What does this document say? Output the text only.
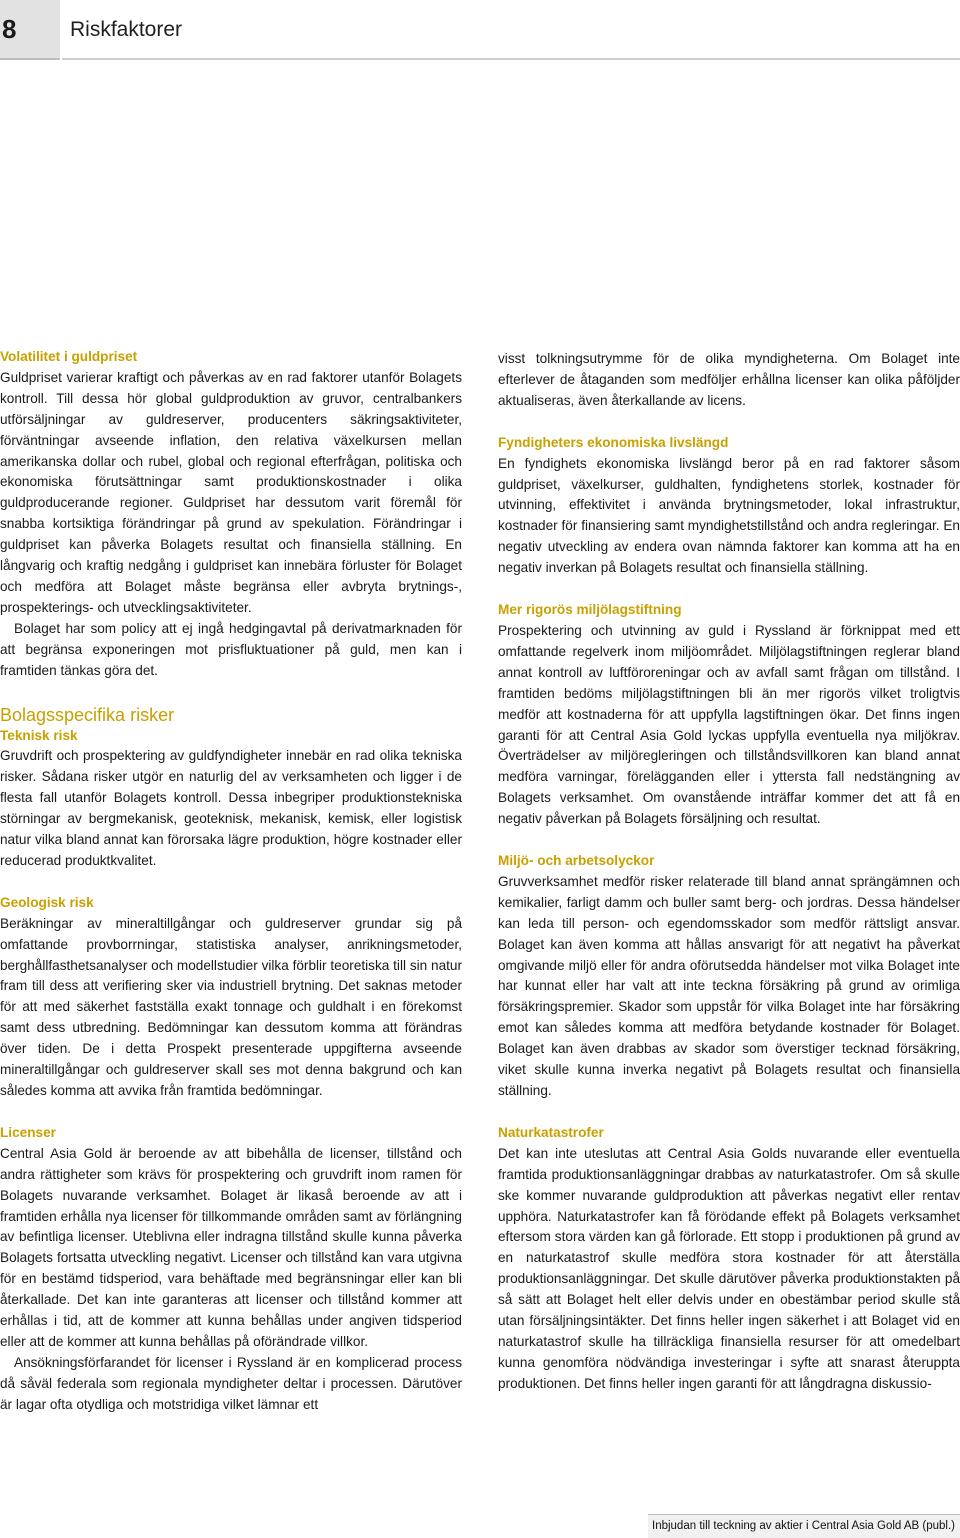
8	Riskfaktorer
Volatilitet i guldpriset

Guldpriset varierar kraftigt och påverkas av en rad faktorer utanför Bolagets kontroll. Till dessa hör global guldproduktion av gruvor, centralbankers utförsäljningar av guldreserver, producenters säkringsaktiviteter, förväntningar avseende inflation, den relativa växelkursen mellan amerikanska dollar och rubel, global och regional efterfrågan, politiska och ekonomiska förutsättningar samt produktionskostnader i olika guldproducerande regioner. Guldpriset har dessutom varit föremål för snabba kortsiktiga förändringar på grund av spekulation. Förändringar i guldpriset kan påverka Bolagets resultat och finansiella ställning. En långvarig och kraftig nedgång i guldpriset kan innebära förluster för Bolaget och medföra att Bolaget måste begränsa eller avbryta brytnings-, prospekterings- och utvecklingsaktiviteter.

Bolaget har som policy att ej ingå hedgingavtal på derivatmarknaden för att begränsa exponeringen mot prisfluktuationer på guld, men kan i framtiden tänkas göra det.

Bolagsspecifika risker
Teknisk risk

Gruvdrift och prospektering av guldfyndigheter innebär en rad olika tekniska risker. Sådana risker utgör en naturlig del av verksamheten och ligger i de flesta fall utanför Bolagets kontroll. Dessa inbegriper produktionstekniska störningar av bergmekanisk, geoteknisk, mekanisk, kemisk, eller logistisk natur vilka bland annat kan förorsaka lägre produktion, högre kostnader eller reducerad produktkvalitet.

Geologisk risk

Beräkningar av mineraltillgångar och guldreserver grundar sig på omfattande provborrningar, statistiska analyser, anrikningsmetoder, berghållfasthetsanalyser och modellstudier vilka förblir teoretiska till sin natur fram till dess att verifiering sker via industriell brytning. Det saknas metoder för att med säkerhet fastställa exakt tonnage och guldhalt i en förekomst samt dess utbredning. Bedömningar kan dessutom komma att förändras över tiden. De i detta Prospekt presenterade uppgifterna avseende mineraltillgångar och guldreserver skall ses mot denna bakgrund och kan således komma att avvika från framtida bedömningar.

Licenser

Central Asia Gold är beroende av att bibehålla de licenser, tillstånd och andra rättigheter som krävs för prospektering och gruvdrift inom ramen för Bolagets nuvarande verksamhet. Bolaget är likaså beroende av att i framtiden erhålla nya licenser för tillkommande områden samt av förlängning av befintliga licenser. Uteblivna eller indragna tillstånd skulle kunna påverka Bolagets fortsatta utveckling negativt. Licenser och tillstånd kan vara utgivna för en bestämd tidsperiod, vara behäftade med begränsningar eller kan bli återkallade. Det kan inte garanteras att licenser och tillstånd kommer att erhållas i tid, att de kommer att kunna behållas under angiven tidsperiod eller att de kommer att kunna behållas på oförändrade villkor.

Ansökningsförfarandet för licenser i Ryssland är en komplicerad process då såväl federala som regionala myndigheter deltar i processen. Därutöver är lagar ofta otydliga och motstridiga vilket lämnar ett

visst tolkningsutrymme för de olika myndigheterna. Om Bolaget inte efterlever de åtaganden som medföljer erhållna licenser kan olika påföljder aktualiseras, även återkallande av licens.

Fyndigheters ekonomiska livslängd

En fyndighets ekonomiska livslängd beror på en rad faktorer såsom guldpriset, växelkurser, guldhalten, fyndighetens storlek, kostnader för utvinning, effektivitet i använda brytningsmetoder, lokal infrastruktur, kostnader för finansiering samt myndighetstillstånd och andra regleringar. En negativ utveckling av endera ovan nämnda faktorer kan komma att ha en negativ inverkan på Bolagets resultat och finansiella ställning.

Mer rigorös miljölagstiftning

Prospektering och utvinning av guld i Ryssland är förknippat med ett omfattande regelverk inom miljöområdet. Miljölagstiftningen reglerar bland annat kontroll av luftföroreningar och av avfall samt frågan om tillstånd. I framtiden bedöms miljölagstiftningen bli än mer rigorös vilket troligtvis medför att kostnaderna för att uppfylla lagstiftningen ökar. Det finns ingen garanti för att Central Asia Gold lyckas uppfylla eventuella nya miljökrav. Överträdelser av miljöregleringen och tillståndsvillkoren kan bland annat medföra varningar, förelägganden eller i yttersta fall nedstängning av Bolagets verksamhet. Om ovanstående inträffar kommer det att få en negativ påverkan på Bolagets försäljning och resultat.

Miljö- och arbetsolyckor

Gruvverksamhet medför risker relaterade till bland annat sprängämnen och kemikalier, farligt damm och buller samt berg- och jordras. Dessa händelser kan leda till person- och egendomsskador som medför rättsligt ansvar. Bolaget kan även komma att hållas ansvarigt för att negativt ha påverkat omgivande miljö eller för andra oförutsedda händelser mot vilka Bolaget inte har kunnat eller har valt att inte teckna försäkring på grund av orimliga försäkringspremier. Skador som uppstår för vilka Bolaget inte har försäkring emot kan således komma att medföra betydande kostnader för Bolaget. Bolaget kan även drabbas av skador som överstiger tecknad försäkring, viket skulle kunna inverka negativt på Bolagets resultat och finansiella ställning.

Naturkatastrofer

Det kan inte uteslutas att Central Asia Golds nuvarande eller eventuella framtida produktionsanläggningar drabbas av naturkatastrofer. Om så skulle ske kommer nuvarande guldproduktion att påverkas negativt eller rentav upphöra. Naturkatastrofer kan få förödande effekt på Bolagets verksamhet eftersom stora värden kan gå förlorade. Ett stopp i produktionen på grund av en naturkatastrof skulle medföra stora kostnader för att återställa produktionsanläggningar. Det skulle därutöver påverka produktionstakten på så sätt att Bolaget helt eller delvis under en obestämbar period skulle stå utan försäljningsintäkter. Det finns heller ingen säkerhet i att Bolaget vid en naturkatastrof skulle ha tillräckliga finansiella resurser för att omedelbart kunna genomföra nödvändiga investeringar i syfte att snarast återuppta produktionen. Det finns heller ingen garanti för att långdragna diskussio-

Inbjudan till teckning av aktier i Central Asia Gold AB (publ.)
